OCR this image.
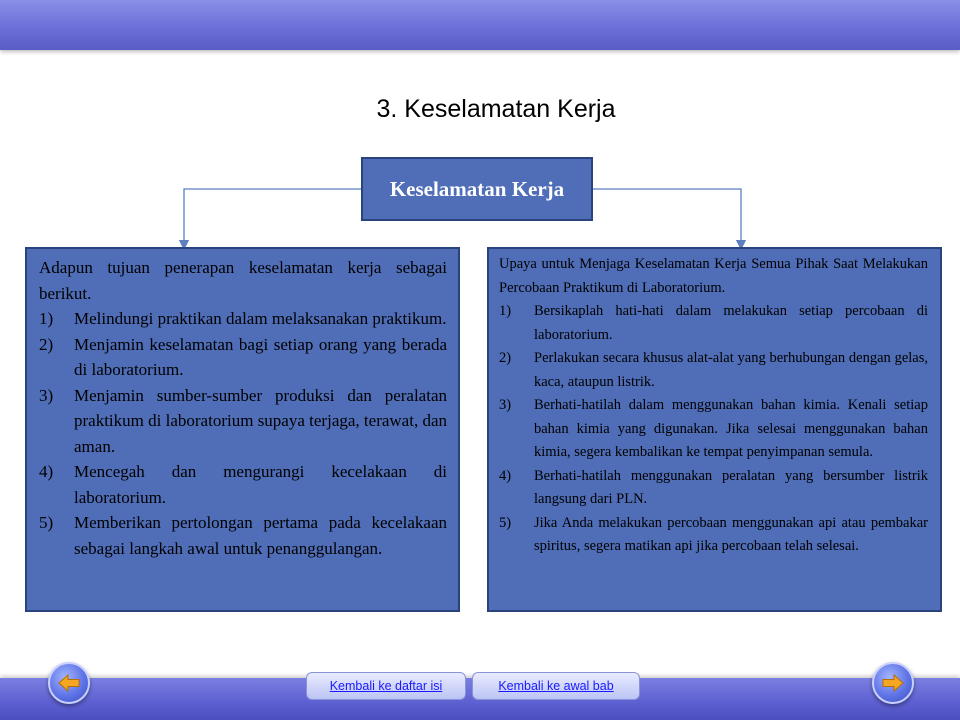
3. Keselamatan Kerja
Keselamatan Kerja
Adapun tujuan penerapan keselamatan kerja sebagai berikut.
1) Melindungi praktikan dalam melaksanakan praktikum.
2) Menjamin keselamatan bagi setiap orang yang berada di laboratorium.
3) Menjamin sumber-sumber produksi dan peralatan praktikum di laboratorium supaya terjaga, terawat, dan aman.
4) Mencegah dan mengurangi kecelakaan di laboratorium.
5) Memberikan pertolongan pertama pada kecelakaan sebagai langkah awal untuk penanggulangan.
Upaya untuk Menjaga Keselamatan Kerja Semua Pihak Saat Melakukan Percobaan Praktikum di Laboratorium.
1) Bersikaplah hati-hati dalam melakukan setiap percobaan di laboratorium.
2) Perlakukan secara khusus alat-alat yang berhubungan dengan gelas, kaca, ataupun listrik.
3) Berhati-hatilah dalam menggunakan bahan kimia. Kenali setiap bahan kimia yang digunakan. Jika selesai menggunakan bahan kimia, segera kembalikan ke tempat penyimpanan semula.
4) Berhati-hatilah menggunakan peralatan yang bersumber listrik langsung dari PLN.
5) Jika Anda melakukan percobaan menggunakan api atau pembakar spiritus, segera matikan api jika percobaan telah selesai.
Kembali ke daftar isi	Kembali ke awal bab
